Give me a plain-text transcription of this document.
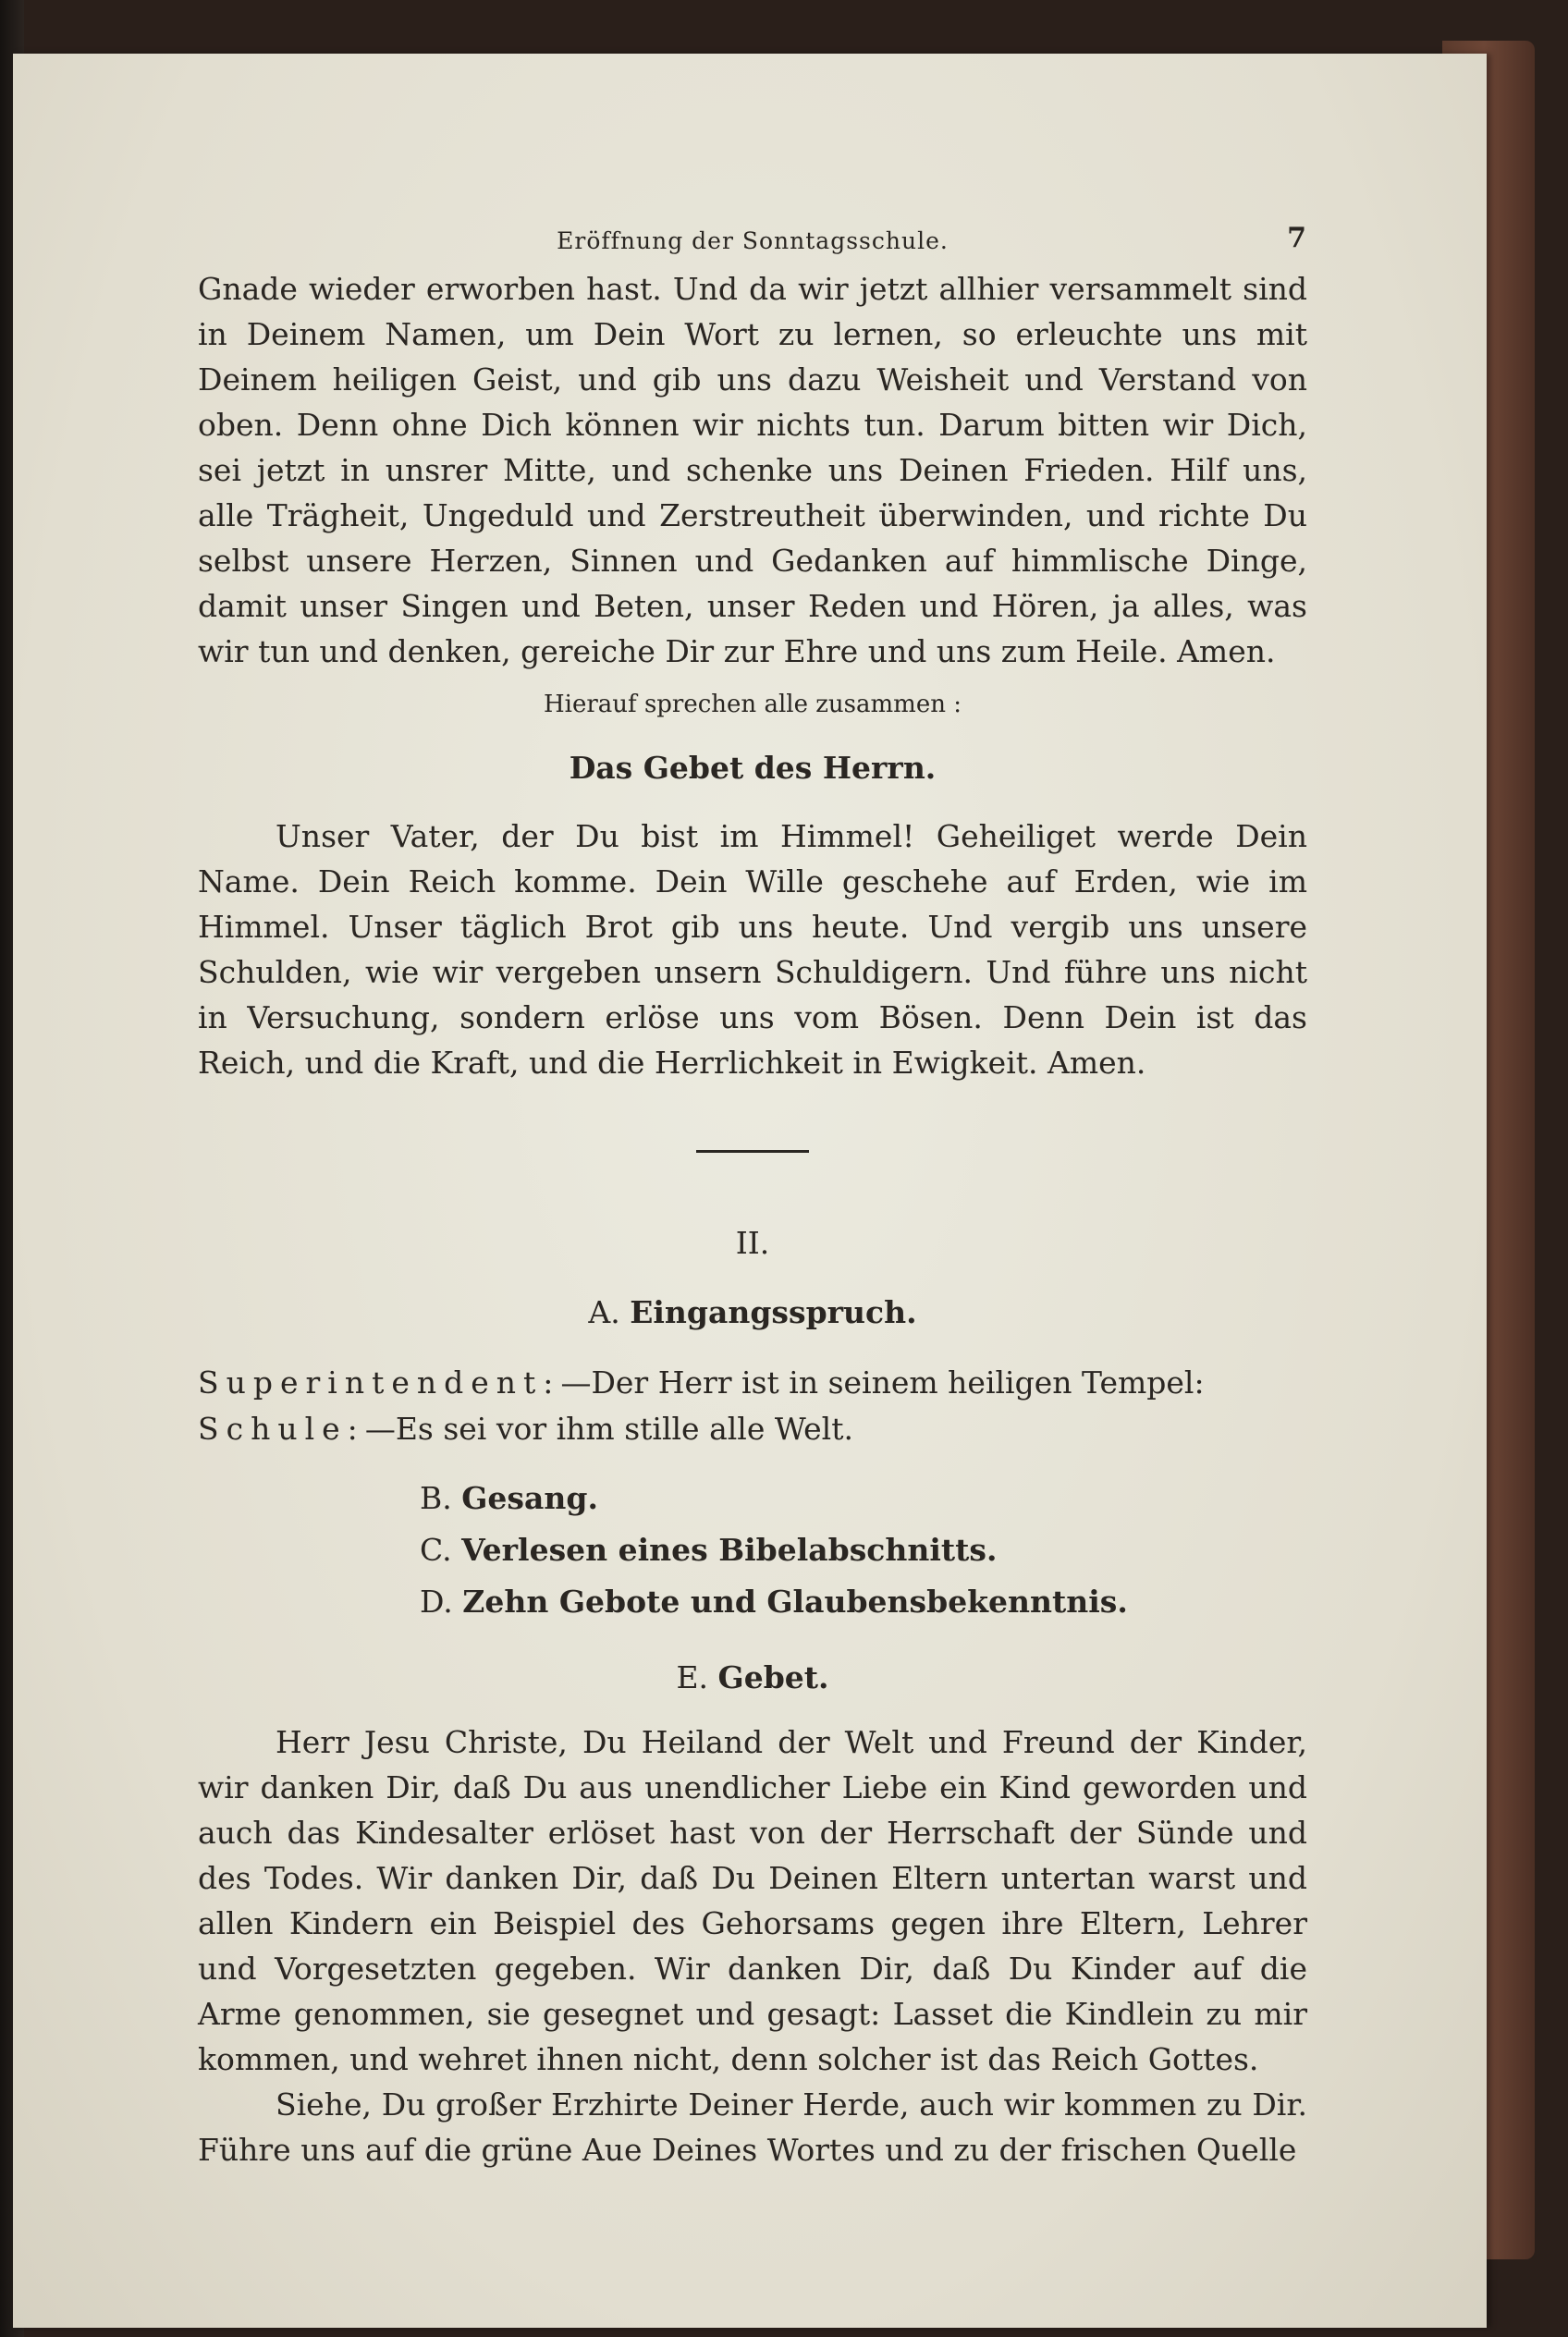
Eröffnung der Sonntagsschule.	7

Gnade wieder erworben hast. Und da wir jetzt allhier versammelt sind in Deinem Namen, um Dein Wort zu lernen, so erleuchte uns mit Deinem heiligen Geist, und gib uns dazu Weisheit und Verstand von oben. Denn ohne Dich können wir nichts tun. Darum bitten wir Dich, sei jetzt in unsrer Mitte, und schenke uns Deinen Frieden. Hilf uns, alle Trägheit, Ungeduld und Zerstreutheit überwinden, und richte Du selbst unsere Herzen, Sinnen und Gedanken auf himmlische Dinge, damit unser Singen und Beten, unser Reden und Hören, ja alles, was wir tun und denken, gereiche Dir zur Ehre und uns zum Heile. Amen.

Hierauf sprechen alle zusammen :
Das Gebet des Herrn.

Unser Vater, der Du bist im Himmel! Geheiliget werde Dein Name. Dein Reich komme. Dein Wille geschehe auf Erden, wie im Himmel. Unser täglich Brot gib uns heute. Und vergib uns unsere Schulden, wie wir vergeben unsern Schuldigern. Und führe uns nicht in Versuchung, sondern erlöse uns vom Bösen. Denn Dein ist das Reich, und die Kraft, und die Herrlichkeit in Ewigkeit. Amen.

II.
A. Eingangsspruch.

Superintendent:—Der Herr ist in seinem heiligen Tempel:

Schule:—Es sei vor ihm stille alle Welt.

B. Gesang.
C. Verlesen eines Bibelabschnitts.
D. Zehn Gebote und Glaubensbekenntnis.
E. Gebet.

Herr Jesu Christe, Du Heiland der Welt und Freund der Kinder, wir danken Dir, daß Du aus unendlicher Liebe ein Kind geworden und auch das Kindesalter erlöset hast von der Herrschaft der Sünde und des Todes. Wir danken Dir, daß Du Deinen Eltern untertan warst und allen Kindern ein Beispiel des Gehorsams gegen ihre Eltern, Lehrer und Vorgesetzten gegeben. Wir danken Dir, daß Du Kinder auf die Arme genommen, sie gesegnet und gesagt: Lasset die Kindlein zu mir kommen, und wehret ihnen nicht, denn solcher ist das Reich Gottes.

Siehe, Du großer Erzhirte Deiner Herde, auch wir kommen zu Dir. Führe uns auf die grüne Aue Deines Wortes und zu der frischen Quelle
